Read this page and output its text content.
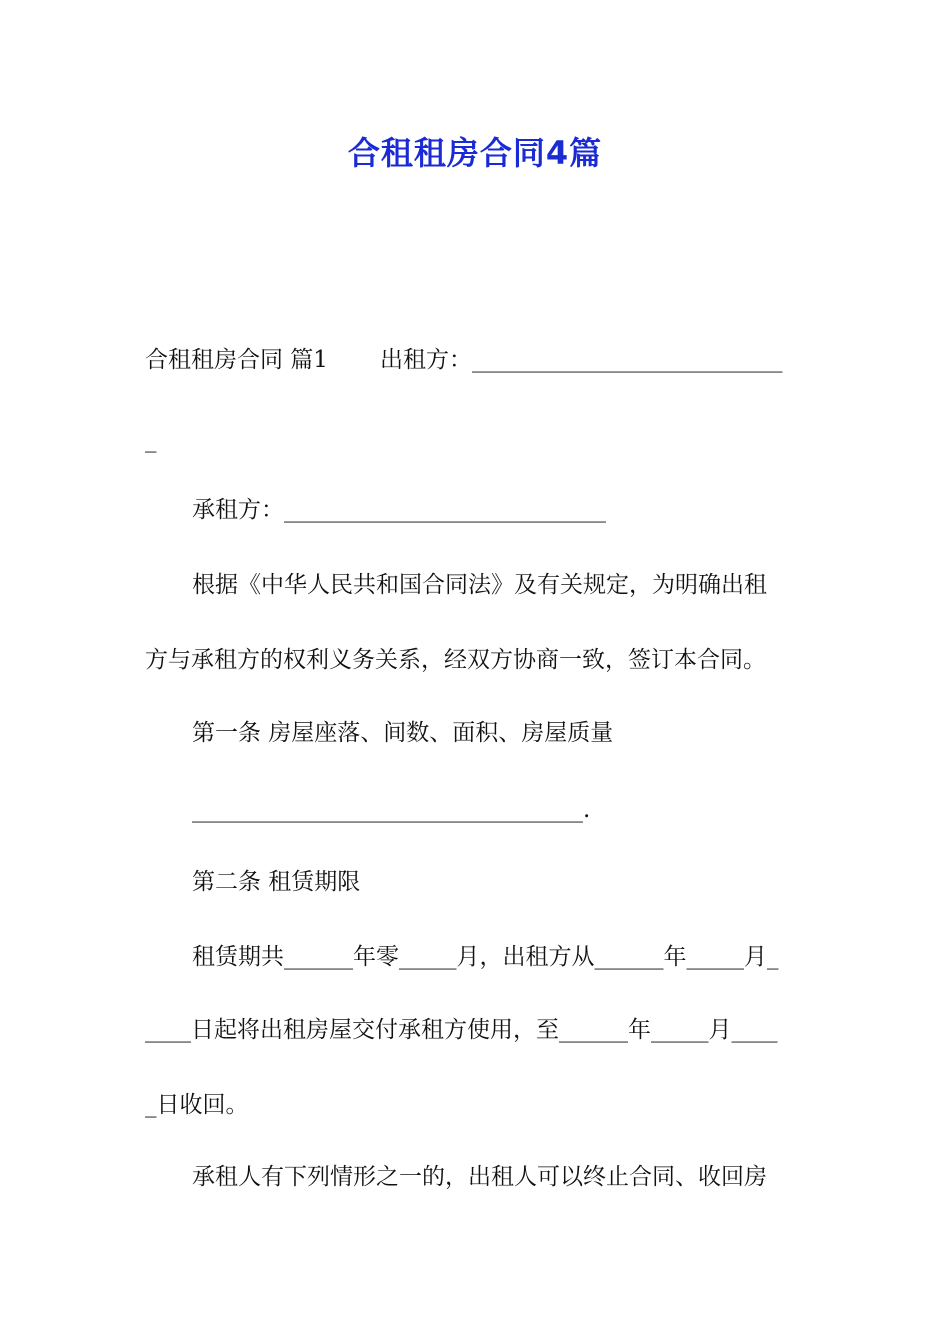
合租租房合同4篇
合租租房合同 篇1 出租方：___________________________
_
承租方：____________________________
根据《中华人民共和国合同法》及有关规定，为明确出租
方与承租方的权利义务关系，经双方协商一致，签订本合同。
第一条 房屋座落、间数、面积、房屋质量
__________________________________.
第二条 租赁期限
租赁期共______年零_____月，出租方从______年_____月_
____日起将出租房屋交付承租方使用，至______年_____月____
_日收回。
承租人有下列情形之一的，出租人可以终止合同、收回房
